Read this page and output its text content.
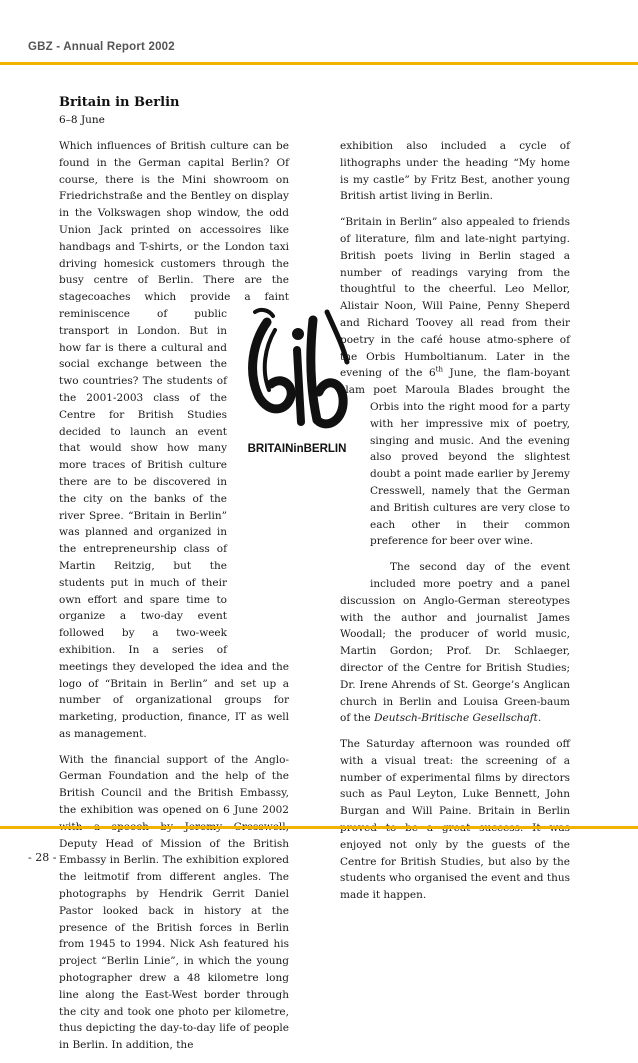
GBZ - Annual Report 2002
Britain in Berlin
6–8 June

Which influences of British culture can be found in the German capital Berlin? Of course, there is the Mini showroom on Friedrichstraße and the Bentley on display in the Volkswagen shop window, the odd Union Jack printed on accessoires like handbags and T-shirts, or the London taxi driving homesick customers through the busy centre of Berlin. There are the stagecoaches which provide a faint reminiscence of public transport in London. But in how far is there a cultural and social exchange between the two countries? The students of the 2001-2003 class of the Centre for British Studies decided to launch an event that would show how many more traces of British culture there are to be discovered in the city on the banks of the river Spree. “Britain in Berlin” was planned and organized in the entrepreneurship class of Martin Reitzig, but the students put in much of their own effort and spare time to organize a two-day event followed by a two-week exhibition. In a series of meetings they developed the idea and the logo of “Britain in Berlin” and set up a number of organizational groups for marketing, production, finance, IT as well as management.

With the financial support of the Anglo-German Foundation and the help of the British Council and the British Embassy, the exhibition was opened on 6 June 2002 Deputy Head of Mission of the British Embassy in Berlin. The exhibition explored the leitmotif from different angles. The photographs by Hendrik Gerrit Daniel Pastor looked back in history at the presence of the British forces in Berlin from 1945 to 1994. Nick Ash featured his project “Berlin Linie”, in which the young photographer drew a 48 kilometre long line along the East-West border through the city and took one photo per kilometre, thus depicting the day-to-day life of people in Berlin. In addition, the

exhibition also included a cycle of lithographs under the heading “My home is my castle” by Fritz Best, another young British artist living in Berlin.

“Britain in Berlin” also appealed to friends of literature, film and late-night partying. British poets living in Berlin staged a number of readings varying from the thoughtful to the cheerful. Leo Mellor, Alistair Noon, Will Paine, Penny Sheperd and Richard Toovey all read from their poetry in the café house atmo-sphere of the Orbis Humboltianum. Later in the evening of the 6th June, the flam-boyant slam poet Maroula Blades brought the Orbis into the right mood for a party with her impressive mix of poetry, singing and music. And the evening also proved beyond the slightest doubt a point made earlier by Jeremy Cresswell, namely that the German and British cultures are very close to each other in their common preference for beer over wine.

The second day of the event included more poetry and a panel discussion on Anglo-German stereotypes with the author and journalist James Woodall; the producer of world music, Martin Gordon; Prof. Dr. Schlaeger, director of the Centre for British Studies; Dr. Irene Ahrends of St. George’s Anglican church in Berlin and Louisa Green-baum of the Deutsch-Britische Gesellschaft.

The Saturday afternoon was rounded off with a visual treat: the screening of a number of experimental films by directors such as Paul Leyton, Luke Bennett, John Burgan and Will Paine. Britain in Berlin enjoyed not only by the guests of the Centre for British Studies, but also by the students who organised the event and thus made it happen.

BRITAINinBERLIN
- 28 -
